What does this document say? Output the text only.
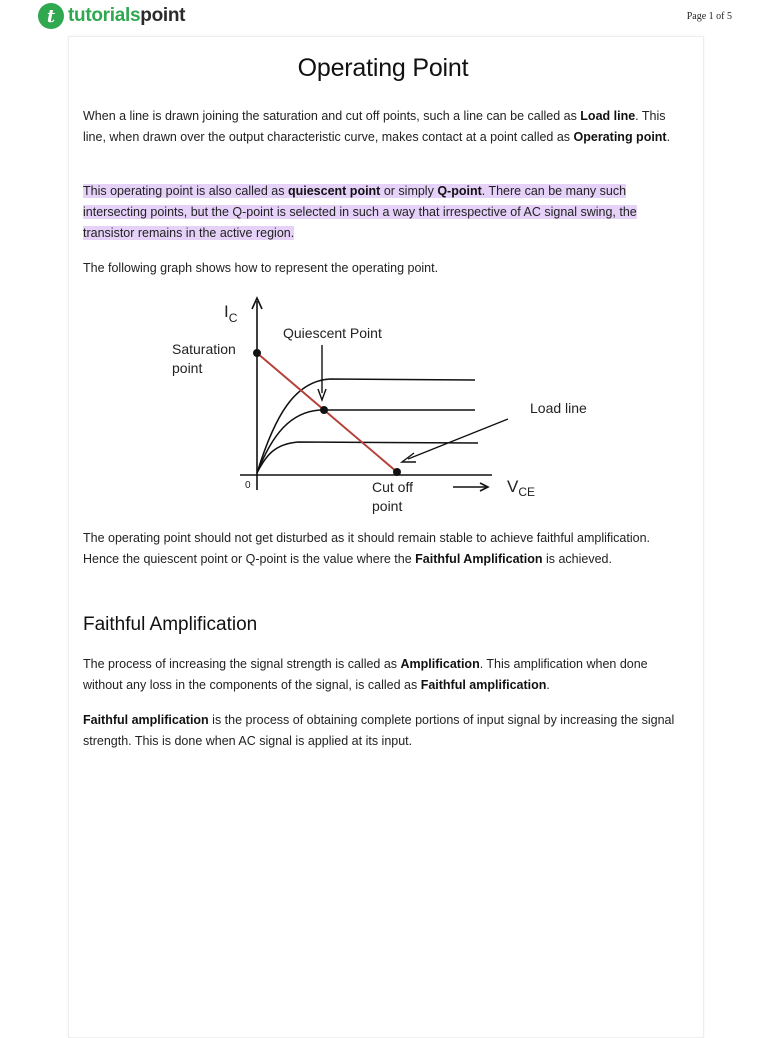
t tutorialspoint	Page 1 of 5
Operating Point

When a line is drawn joining the saturation and cut off points, such a line can be called as Load line. This line, when drawn over the output characteristic curve, makes contact at a point called as Operating point.

This operating point is also called as quiescent point or simply Q-point. There can be many such intersecting points, but the Q-point is selected in such a way that irrespective of AC signal swing, the transistor remains in the active region.

The following graph shows how to represent the operating point.

$I_C$
Saturation
point
Quiescent Point
Load line
0	Cut off
point
$V_{CE}$

The operating point should not get disturbed as it should remain stable to achieve faithful amplification. Hence the quiescent point or Q-point is the value where the Faithful Amplification is achieved.

Faithful Amplification

The process of increasing the signal strength is called as Amplification. This amplification when done without any loss in the components of the signal, is called as Faithful amplification.

Faithful amplification is the process of obtaining complete portions of input signal by increasing the signal strength. This is done when AC signal is applied at its input.
